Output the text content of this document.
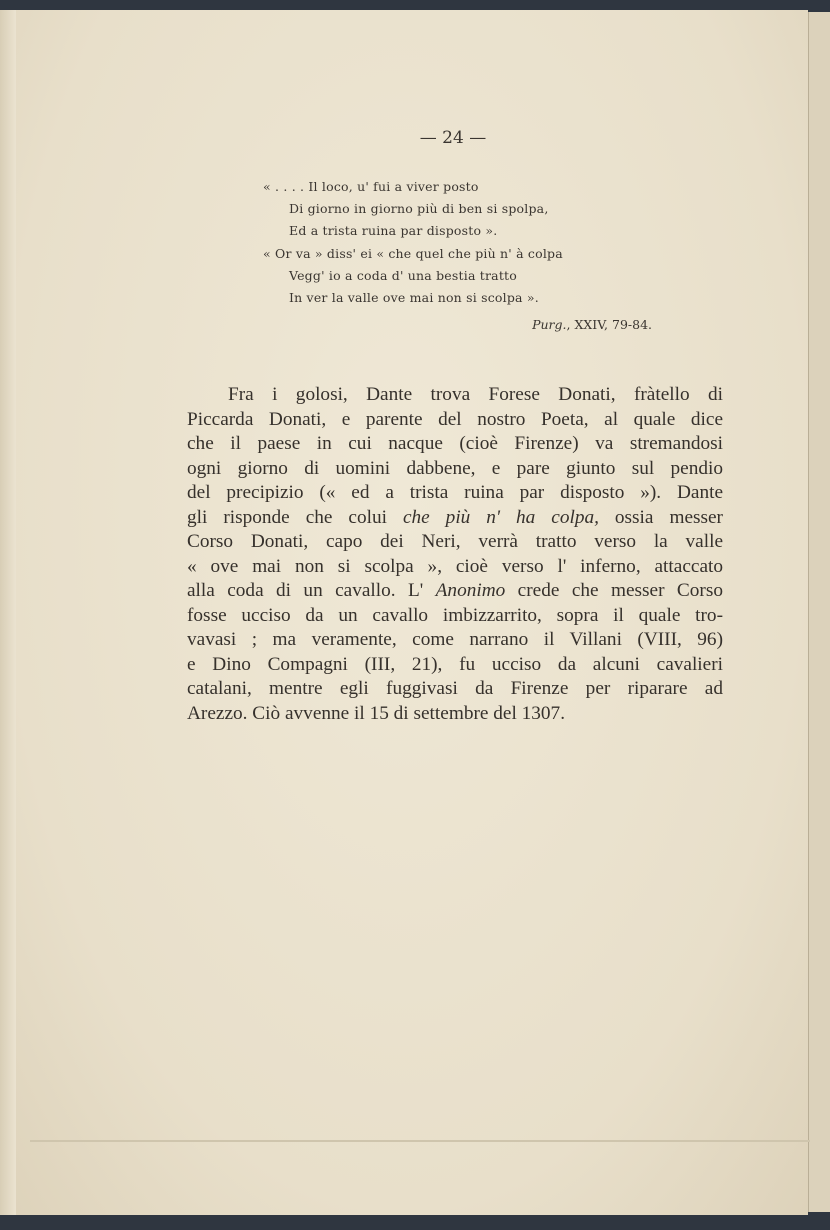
— 24 —
« . . . . Il loco, u' fui a viver posto
Di giorno in giorno più di ben si spolpa,
Ed a trista ruina par disposto ».
« Or va » diss' ei « che quel che più n' à colpa
Vegg' io a coda d' una bestia tratto
In ver la valle ove mai non si scolpa ».
Purg., XXIV, 79-84.
Fra i golosi, Dante trova Forese Donati, fràtello di
Piccarda Donati, e parente del nostro Poeta, al quale dice
che il paese in cui nacque (cioè Firenze) va stremandosi
ogni giorno di uomini dabbene, e pare giunto sul pendio
del precipizio (« ed a trista ruina par disposto »). Dante
gli risponde che colui che più n' ha colpa, ossia messer
Corso Donati, capo dei Neri, verrà tratto verso la valle
« ove mai non si scolpa », cioè verso l' inferno, attaccato
alla coda di un cavallo. L' Anonimo crede che messer Corso
fosse ucciso da un cavallo imbizzarrito, sopra il quale tro-
vavasi ; ma veramente, come narrano il Villani (VIII, 96)
e Dino Compagni (III, 21), fu ucciso da alcuni cavalieri
catalani, mentre egli fuggivasi da Firenze per riparare ad
Arezzo. Ciò avvenne il 15 di settembre del 1307.
